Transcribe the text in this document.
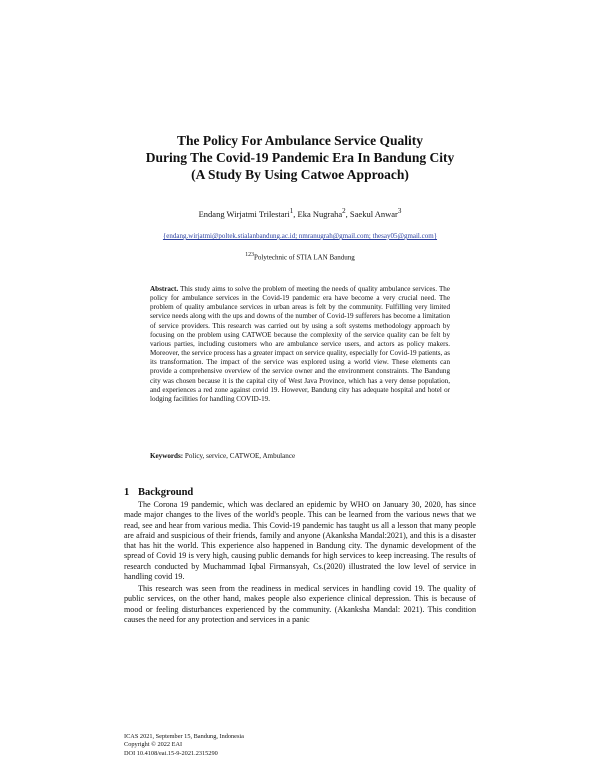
The Policy For Ambulance Service Quality
During The Covid-19 Pandemic Era In Bandung City
(A Study By Using Catwoe Approach)
Endang Wirjatmi Trilestari$^1$, Eka Nugraha$^2$, Saekul Anwar$^3$
{endang.wirjatmi@poltek.stialanbandung.ac.id; nmranugrah@gmail.com; thesay05@gmail.com}
$^{123}$Polytechnic of STIA LAN Bandung
Abstract. This study aims to solve the problem of meeting the needs of quality ambulance services. The policy for ambulance services in the Covid-19 pandemic era have become a very crucial need. The problem of quality ambulance services in urban areas is felt by the community. Fulfilling very limited service needs along with the ups and downs of the number of Covid-19 sufferers has become a limitation of service providers. This research was carried out by using a soft systems methodology approach by focusing on the problem using CATWOE because the complexity of the service quality can be felt by various parties, including customers who are ambulance service users, and actors as policy makers. Moreover, the service process has a greater impact on service quality, especially for Covid-19 patients, as its transformation. The impact of the service was explored using a world view. These elements can provide a comprehensive overview of the service owner and the environment constraints. The Bandung city was chosen because it is the capital city of West Java Province, which has a very dense population, and experiences a red zone against covid 19. However, Bandung city has adequate hospital and hotel or lodging facilities for handling COVID-19.
Keywords: Policy, service, CATWOE, Ambulance
1 Background

The Corona 19 pandemic, which was declared an epidemic by WHO on January 30, 2020, has since made major changes to the lives of the world's people. This can be learned from the various news that we read, see and hear from various media. This Covid-19 pandemic has taught us all a lesson that many people are afraid and suspicious of their friends, family and anyone (Akanksha Mandal:2021), and this is a disaster that has hit the world. This experience also happened in Bandung city. The dynamic development of the spread of Covid 19 is very high, causing public demands for high services to keep increasing. The results of research conducted by Muchammad Iqbal Firmansyah, Cs.(2020) illustrated the low level of service in handling covid 19.

This research was seen from the readiness in medical services in handling covid 19. The quality of public services, on the other hand, makes people also experience clinical depression. This is because of mood or feeling disturbances experienced by the community. (Akanksha Mandal: 2021). This condition causes the need for any protection and services in a panic

ICAS 2021, September 15, Bandung, Indonesia
Copyright © 2022 EAI
DOI 10.4108/eai.15-9-2021.2315290
